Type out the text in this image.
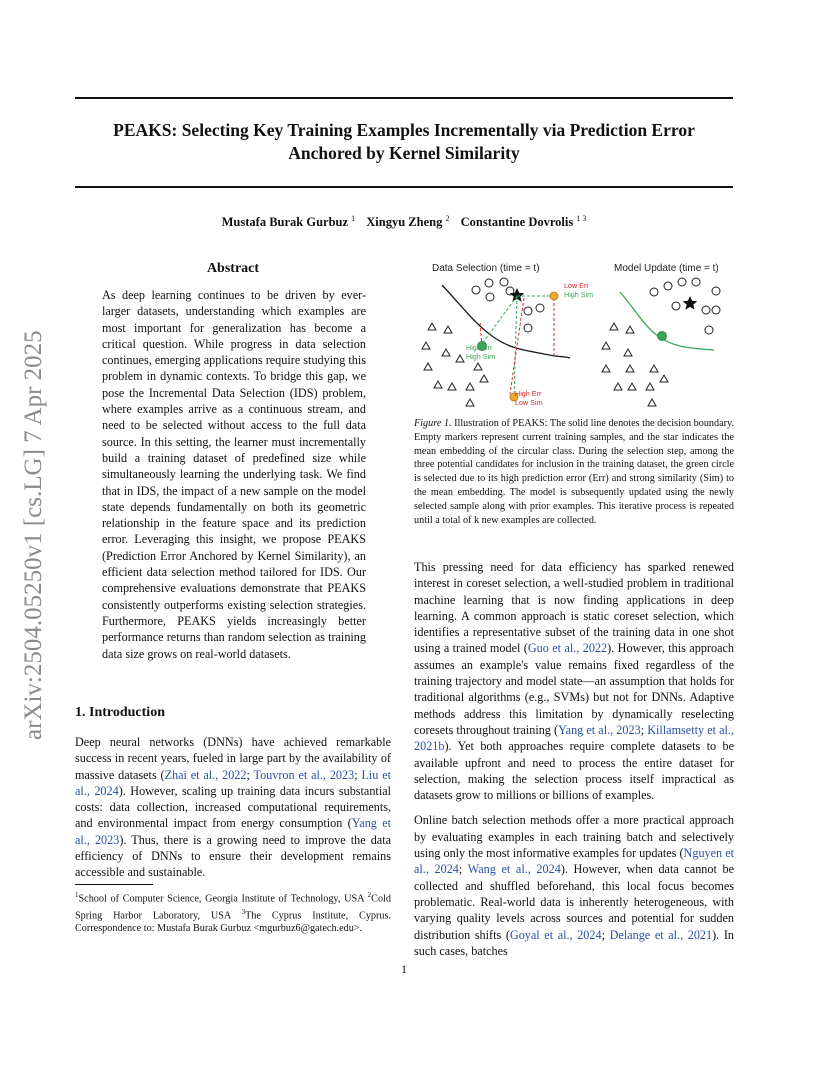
PEAKS: Selecting Key Training Examples Incrementally via Prediction Error
Anchored by Kernel Similarity
Mustafa Burak Gurbuz $^1$ Xingyu Zheng $^2$ Constantine Dovrolis $^{1 3}$
arXiv:2504.05250v1 [cs.LG] 7 Apr 2025
Abstract

As deep learning continues to be driven by ever-larger datasets, understanding which examples are most important for generalization has become a critical question. While progress in data selection continues, emerging applications require studying this problem in dynamic contexts. To bridge this gap, we pose the Incremental Data Selection (IDS) problem, where examples arrive as a continuous stream, and need to be selected without access to the full data source. In this setting, the learner must incrementally build a training dataset of predefined size while simultaneously learning the underlying task. We find that in IDS, the impact of a new sample on the model state depends fundamentally on both its geometric relationship in the feature space and its prediction error. Leveraging this insight, we propose PEAKS (Prediction Error Anchored by Kernel Similarity), an efficient data selection method tailored for IDS. Our comprehensive evaluations demonstrate that PEAKS consistently outperforms existing selection strategies. Furthermore, PEAKS yields increasingly better performance returns than random selection as training data size grows on real-world datasets.

1. Introduction

Deep neural networks (DNNs) have achieved remarkable success in recent years, fueled in large part by the availability of massive datasets (Zhai et al., 2022; Touvron et al., 2023; Liu et al., 2024). However, scaling up training data incurs substantial costs: data collection, increased computational requirements, and environmental impact from energy consumption (Yang et al., 2023). Thus, there is a growing need to improve the data efficiency of DNNs to ensure their development remains accessible and sustainable.

$^1$School of Computer Science, Georgia Institute of Technology, USA $^2$Cold Spring Harbor Laboratory, USA $^3$The Cyprus Institute, Cyprus. Correspondence to: Mustafa Burak Gurbuz <mgurbuz6@gatech.edu>.
Data Selection (time = t)	Model Update (time = t)
Low Err
High Sim
High Err
High Sim
High Err
Low Sim
Figure 1. Illustration of PEAKS: The solid line denotes the decision boundary. Empty markers represent current training samples, and the star indicates the mean embedding of the circular class. During the selection step, among the three potential candidates for inclusion in the training dataset, the green circle is selected due to its high prediction error (Err) and strong similarity (Sim) to the mean embedding. The model is subsequently updated using the newly selected sample along with prior examples. This iterative process is repeated until a total of k new examples are collected.

This pressing need for data efficiency has sparked renewed interest in coreset selection, a well-studied problem in traditional machine learning that is now finding applications in deep learning. A common approach is static coreset selection, which identifies a representative subset of the training data in one shot using a trained model (Guo et al., 2022). However, this approach assumes an example's value remains fixed regardless of the training trajectory and model state—an assumption that holds for traditional algorithms (e.g., SVMs) but not for DNNs. Adaptive methods address this limitation by dynamically reselecting coresets throughout training (Yang et al., 2023; Killamsetty et al., 2021b). Yet both approaches require complete datasets to be available upfront and need to process the entire dataset for selection, making the selection process itself impractical as datasets grow to millions or billions of examples.

Online batch selection methods offer a more practical approach by evaluating examples in each training batch and selectively using only the most informative examples for updates (Nguyen et al., 2024; Wang et al., 2024). However, when data cannot be collected and shuffled beforehand, this local focus becomes problematic. Real-world data is inherently heterogeneous, with varying quality levels across sources and potential for sudden distribution shifts (Goyal et al., 2024; Delange et al., 2021). In such cases, batches

1
